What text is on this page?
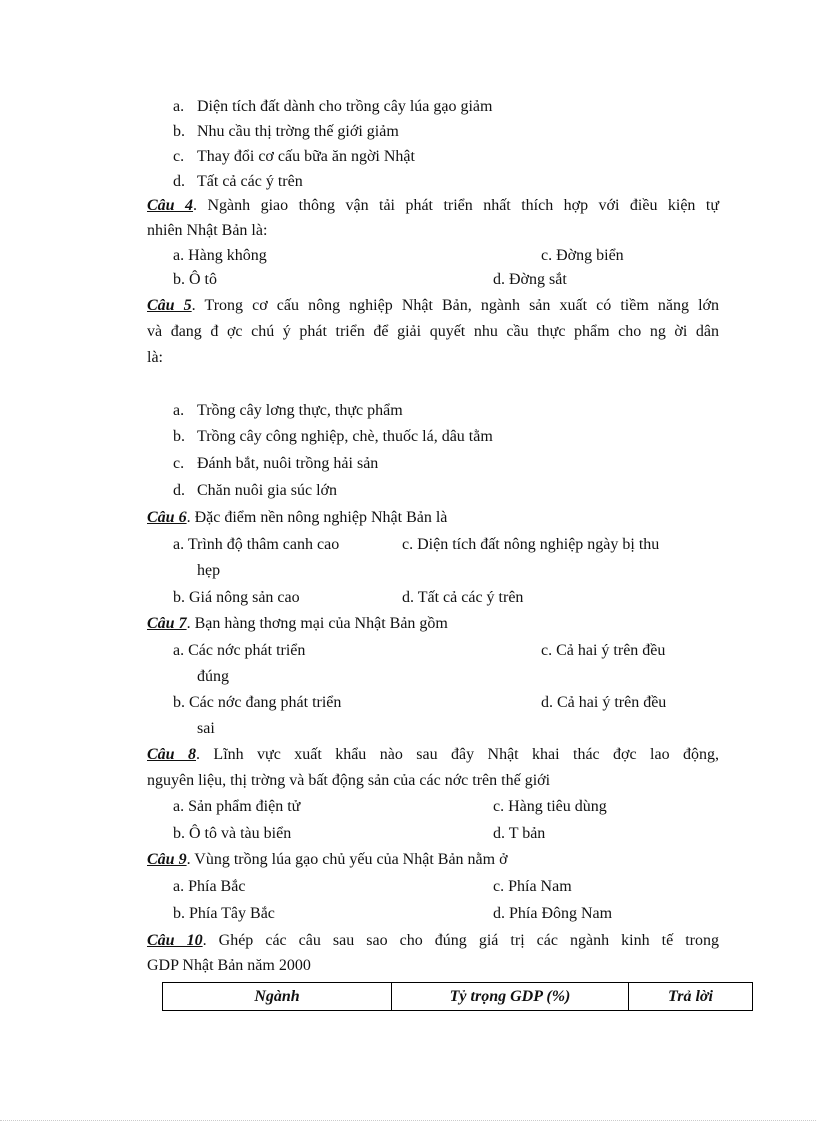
a. Diện tích đất dành cho trồng cây lúa gạo giảm
b. Nhu cầu thị trờng thế giới giảm
c. Thay đổi cơ cấu bữa ăn ngời Nhật
d. Tất cả các ý trên
Câu 4. Ngành giao thông vận tải phát triển nhất thích hợp với điều kiện tự
nhiên Nhật Bản là:
a. Hàng không	c. Đờng biển
b. Ô tô	d. Đờng sắt
Câu 5. Trong cơ cấu nông nghiệp Nhật Bản, ngành sản xuất có tiềm năng lớn
và đang đ ợc chú ý phát triển để giải quyết nhu cầu thực phẩm cho ng ời dân
là:
a. Trồng cây lơng thực, thực phẩm
b. Trồng cây công nghiệp, chè, thuốc lá, dâu tằm
c. Đánh bắt, nuôi trồng hải sản
d. Chăn nuôi gia súc lớn
Câu 6. Đặc điểm nền nông nghiệp Nhật Bản là
a. Trình độ thâm canh cao	c. Diện tích đất nông nghiệp ngày bị thu
hẹp
b. Giá nông sản cao	d. Tất cả các ý trên
Câu 7. Bạn hàng thơng mại của Nhật Bản gồm
a. Các nớc phát triển	c. Cả hai ý trên đều
đúng
b. Các nớc đang phát triển	d. Cả hai ý trên đều
sai
Câu 8. Lĩnh vực xuất khẩu nào sau đây Nhật khai thác đợc lao động,
nguyên liệu, thị trờng và bất động sản của các nớc trên thế giới
a. Sản phẩm điện tử	c. Hàng tiêu dùng
b. Ô tô và tàu biển	d. T bản
Câu 9. Vùng trồng lúa gạo chủ yếu của Nhật Bản nằm ở
a. Phía Bắc	c. Phía Nam
b. Phía Tây Bắc	d. Phía Đông Nam
Câu 10. Ghép các câu sau sao cho đúng giá trị các ngành kinh tế trong
GDP Nhật Bản năm 2000
Ngành	Tỷ trọng GDP (%)	Trả lời
